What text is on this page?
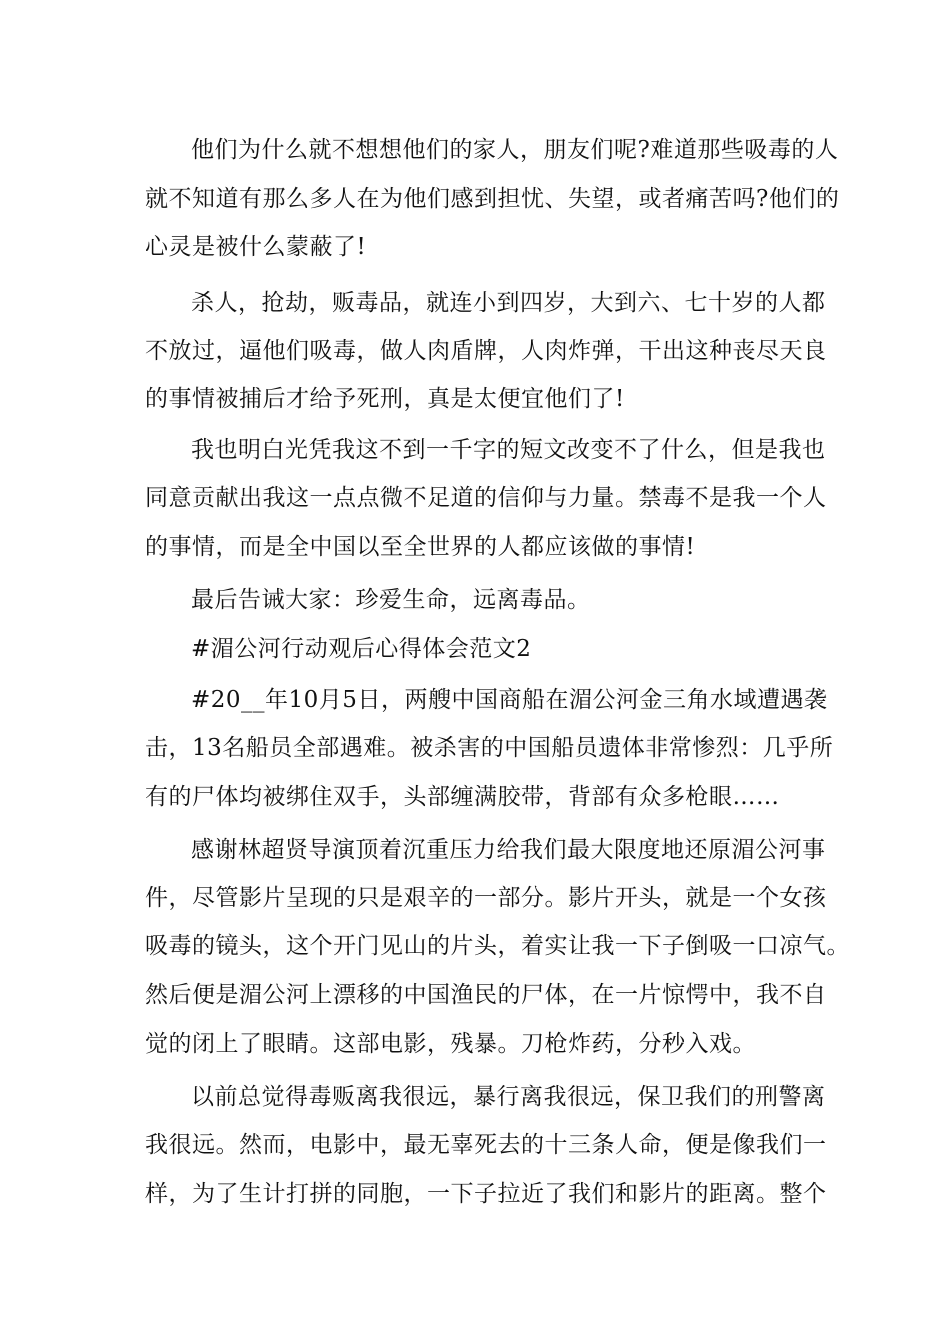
他们为什么就不想想他们的家人，朋友们呢?难道那些吸毒的人
就不知道有那么多人在为他们感到担忧、失望，或者痛苦吗?他们的
心灵是被什么蒙蔽了!
杀人，抢劫，贩毒品，就连小到四岁，大到六、七十岁的人都
不放过，逼他们吸毒，做人肉盾牌，人肉炸弹，干出这种丧尽天良
的事情被捕后才给予死刑，真是太便宜他们了!
我也明白光凭我这不到一千字的短文改变不了什么，但是我也
同意贡献出我这一点点微不足道的信仰与力量。禁毒不是我一个人
的事情，而是全中国以至全世界的人都应该做的事情!
最后告诫大家：珍爱生命，远离毒品。
#湄公河行动观后心得体会范文2
#20__年10月5日，两艘中国商船在湄公河金三角水域遭遇袭
击，13名船员全部遇难。被杀害的中国船员遗体非常惨烈：几乎所
有的尸体均被绑住双手，头部缠满胶带，背部有众多枪眼……
感谢林超贤导演顶着沉重压力给我们最大限度地还原湄公河事
件，尽管影片呈现的只是艰辛的一部分。影片开头，就是一个女孩
吸毒的镜头，这个开门见山的片头，着实让我一下子倒吸一口凉气。
然后便是湄公河上漂移的中国渔民的尸体，在一片惊愕中，我不自
觉的闭上了眼睛。这部电影，残暴。刀枪炸药，分秒入戏。
以前总觉得毒贩离我很远，暴行离我很远，保卫我们的刑警离
我很远。然而，电影中，最无辜死去的十三条人命，便是像我们一
样，为了生计打拼的同胞，一下子拉近了我们和影片的距离。整个
